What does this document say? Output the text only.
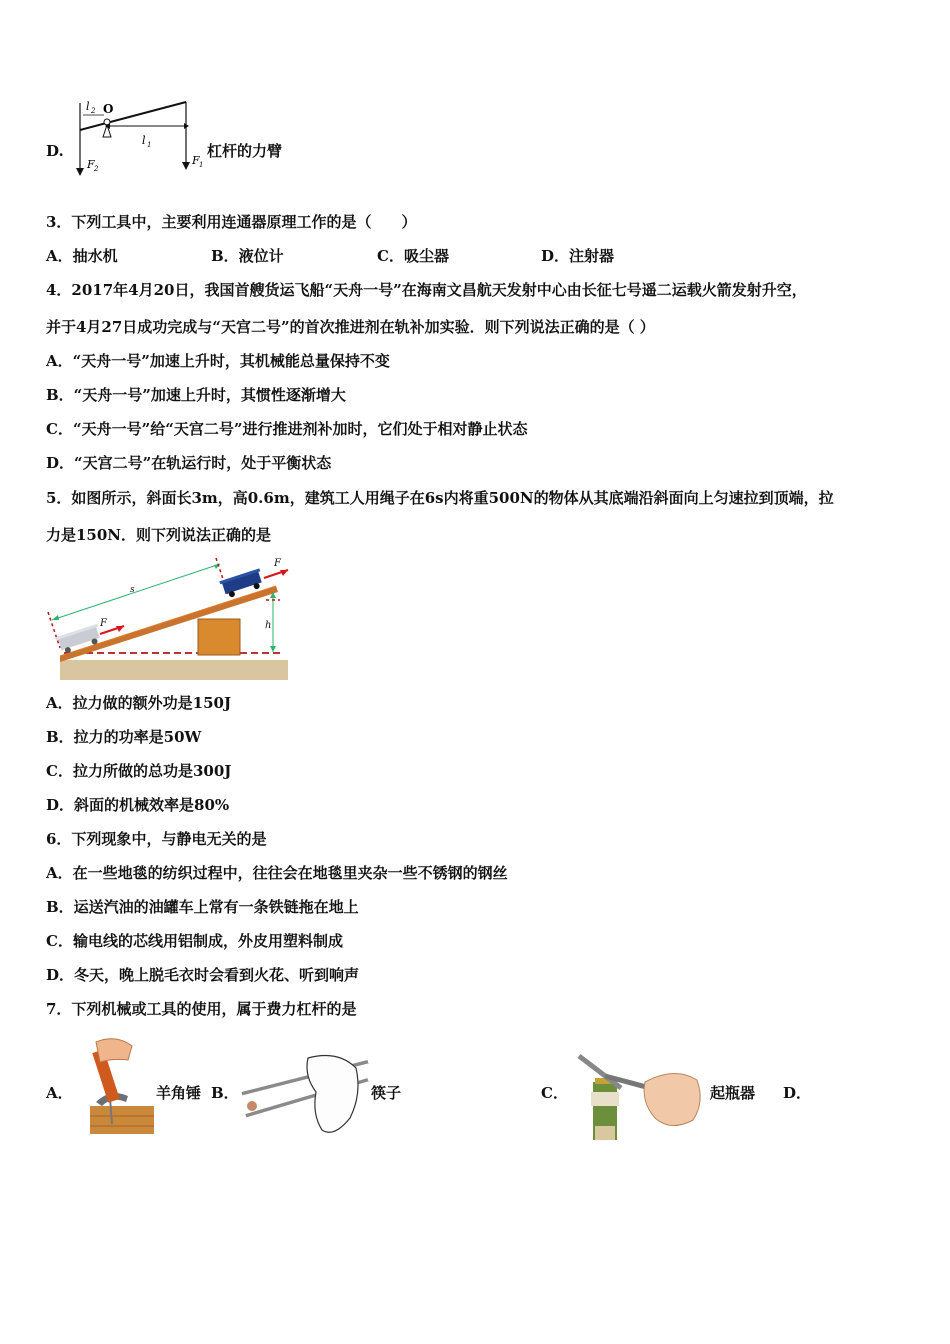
D.
l 2 O
l 1
F 2
F 1
杠杆的力臂
3．下列工具中，主要利用连通器原理工作的是（　　）
A．抽水机	B．液位计	C．吸尘器	D．注射器
4．2017年4月20日，我国首艘货运飞船“天舟一号”在海南文昌航天发射中心由长征七号遥二运载火箭发射升空，
并于4月27日成功完成与“天宫二号”的首次推进剂在轨补加实验．则下列说法正确的是（ ）
A．“天舟一号”加速上升时，其机械能总量保持不变
B．“天舟一号”加速上升时，其惯性逐渐增大
C．“天舟一号”给“天宫二号”进行推进剂补加时，它们处于相对静止状态
D．“天宫二号”在轨运行时，处于平衡状态
5．如图所示，斜面长3m，高0.6m，建筑工人用绳子在6s内将重500N的物体从其底端沿斜面向上匀速拉到顶端，拉
力是150N．则下列说法正确的是
h
s
F
F
A．拉力做的额外功是150J
B．拉力的功率是50W
C．拉力所做的总功是300J
D．斜面的机械效率是80%
6．下列现象中，与静电无关的是
A．在一些地毯的纺织过程中，往往会在地毯里夹杂一些不锈钢的钢丝
B．运送汽油的油罐车上常有一条铁链拖在地上
C．输电线的芯线用铝制成，外皮用塑料制成
D．冬天，晚上脱毛衣时会看到火花、听到响声
7．下列机械或工具的使用，属于费力杠杆的是
A．	羊角锤 B．	筷子	C．	起瓶器 D．
